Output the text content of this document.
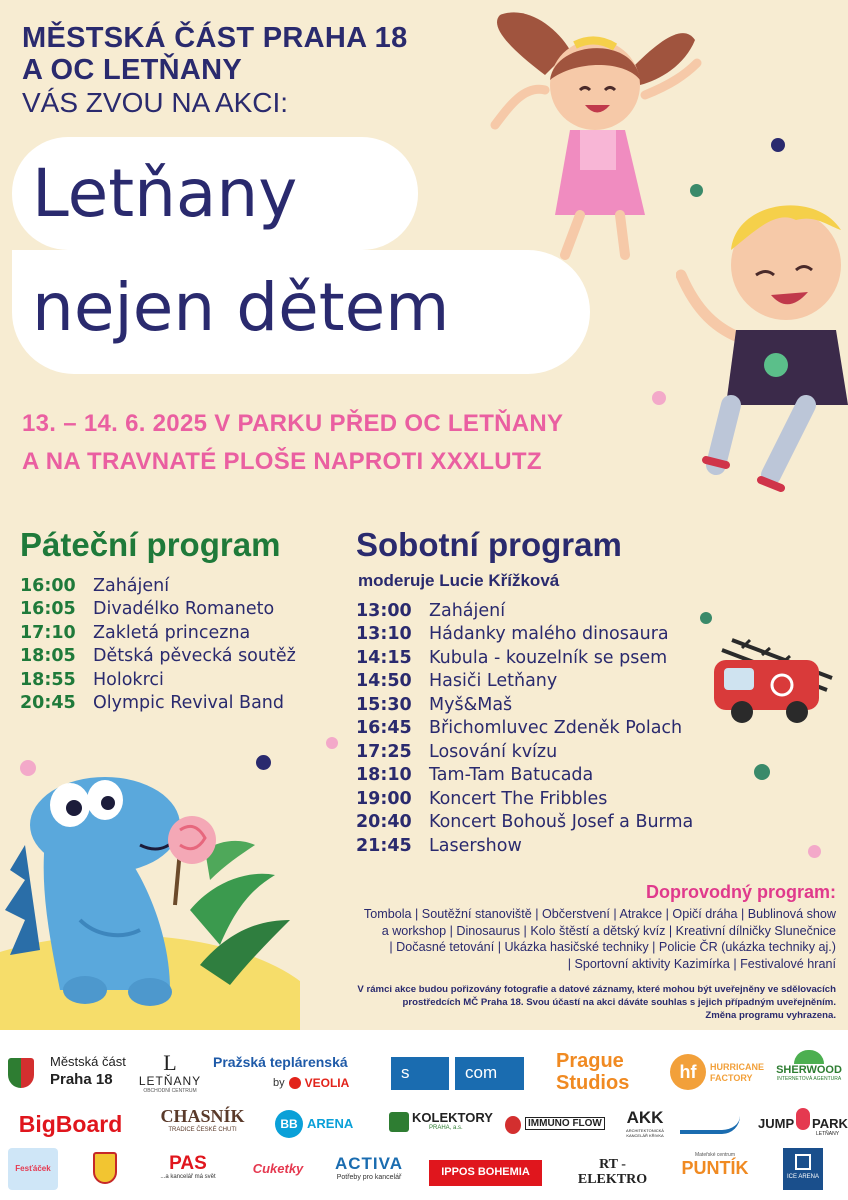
MĚSTSKÁ ČÁST PRAHA 18
A OC LETŇANY
VÁS ZVOU NA AKCI:
Letňany
nejen dětem
13. – 14. 6. 2025 V PARKU PŘED OC LETŇANY
A NA TRAVNATÉ PLOŠE NAPROTI XXXLUTZ
Páteční program
16:00 Zahájení
16:05 Divadélko Romaneto
17:10 Zakletá princezna
18:05 Dětská pěvecká soutěž
18:55 Holokrci
20:45 Olympic Revival Band
Sobotní program
moderuje Lucie Křížková
13:00 Zahájení
13:10 Hádanky malého dinosaura
14:15 Kubula - kouzelník se psem
14:50 Hasiči Letňany
15:30 Myš&Maš
16:45 Břichomluvec Zdeněk Polach
17:25 Losování kvízu
18:10 Tam-Tam Batucada
19:00 Koncert The Fribbles
20:40 Koncert Bohouš Josef a Burma
21:45 Lasershow
Doprovodný program:
Tombola | Soutěžní stanoviště | Občerstvení | Atrakce | Opičí dráha | Bublinová show
a workshop | Dinosaurus | Kolo štěstí a dětský kvíz | Kreativní dílničky Slunečnice
| Dočasné tetování | Ukázka hasičské techniky | Policie ČR (ukázka techniky aj.)
| Sportovní aktivity Kazimírka | Festivalové hraní
V rámci akce budou pořizovány fotografie a datové záznamy, které mohou být uveřejněny ve sdělovacích
prostředcích MČ Praha 18. Svou účastí na akci dáváte souhlas s jejich případným uveřejněním.
Změna programu vyhrazena.
Městská část
Praha 18
L
LETŇANY
OBCHODNÍ CENTRUM
Pražská teplárenská
by VEOLIA
s	com
Prague
Studios	hf	HURRICANE
FACTORY
SHERWOOD
INTERNETOVÁ AGENTURA
BigBoard	CHASNÍK
TRADICE ČESKÉ CHUTI	BB ARENA	KOLEKTORY
PRAHA, a.s.	IMMUNO FLOW	AKK
ARCHITEKTONICKÁ KANCELÁŘ KŘIVKA
JUMP PARK
LETŇANY
Fesťáček	PAS
...a kancelář má svět
Cuketky ACTIVA
Potřeby pro kancelář	IPPOS BOHEMIA	RT - ELEKTRO
Mateřské centrum
PUNTÍK	ICE ARENA
